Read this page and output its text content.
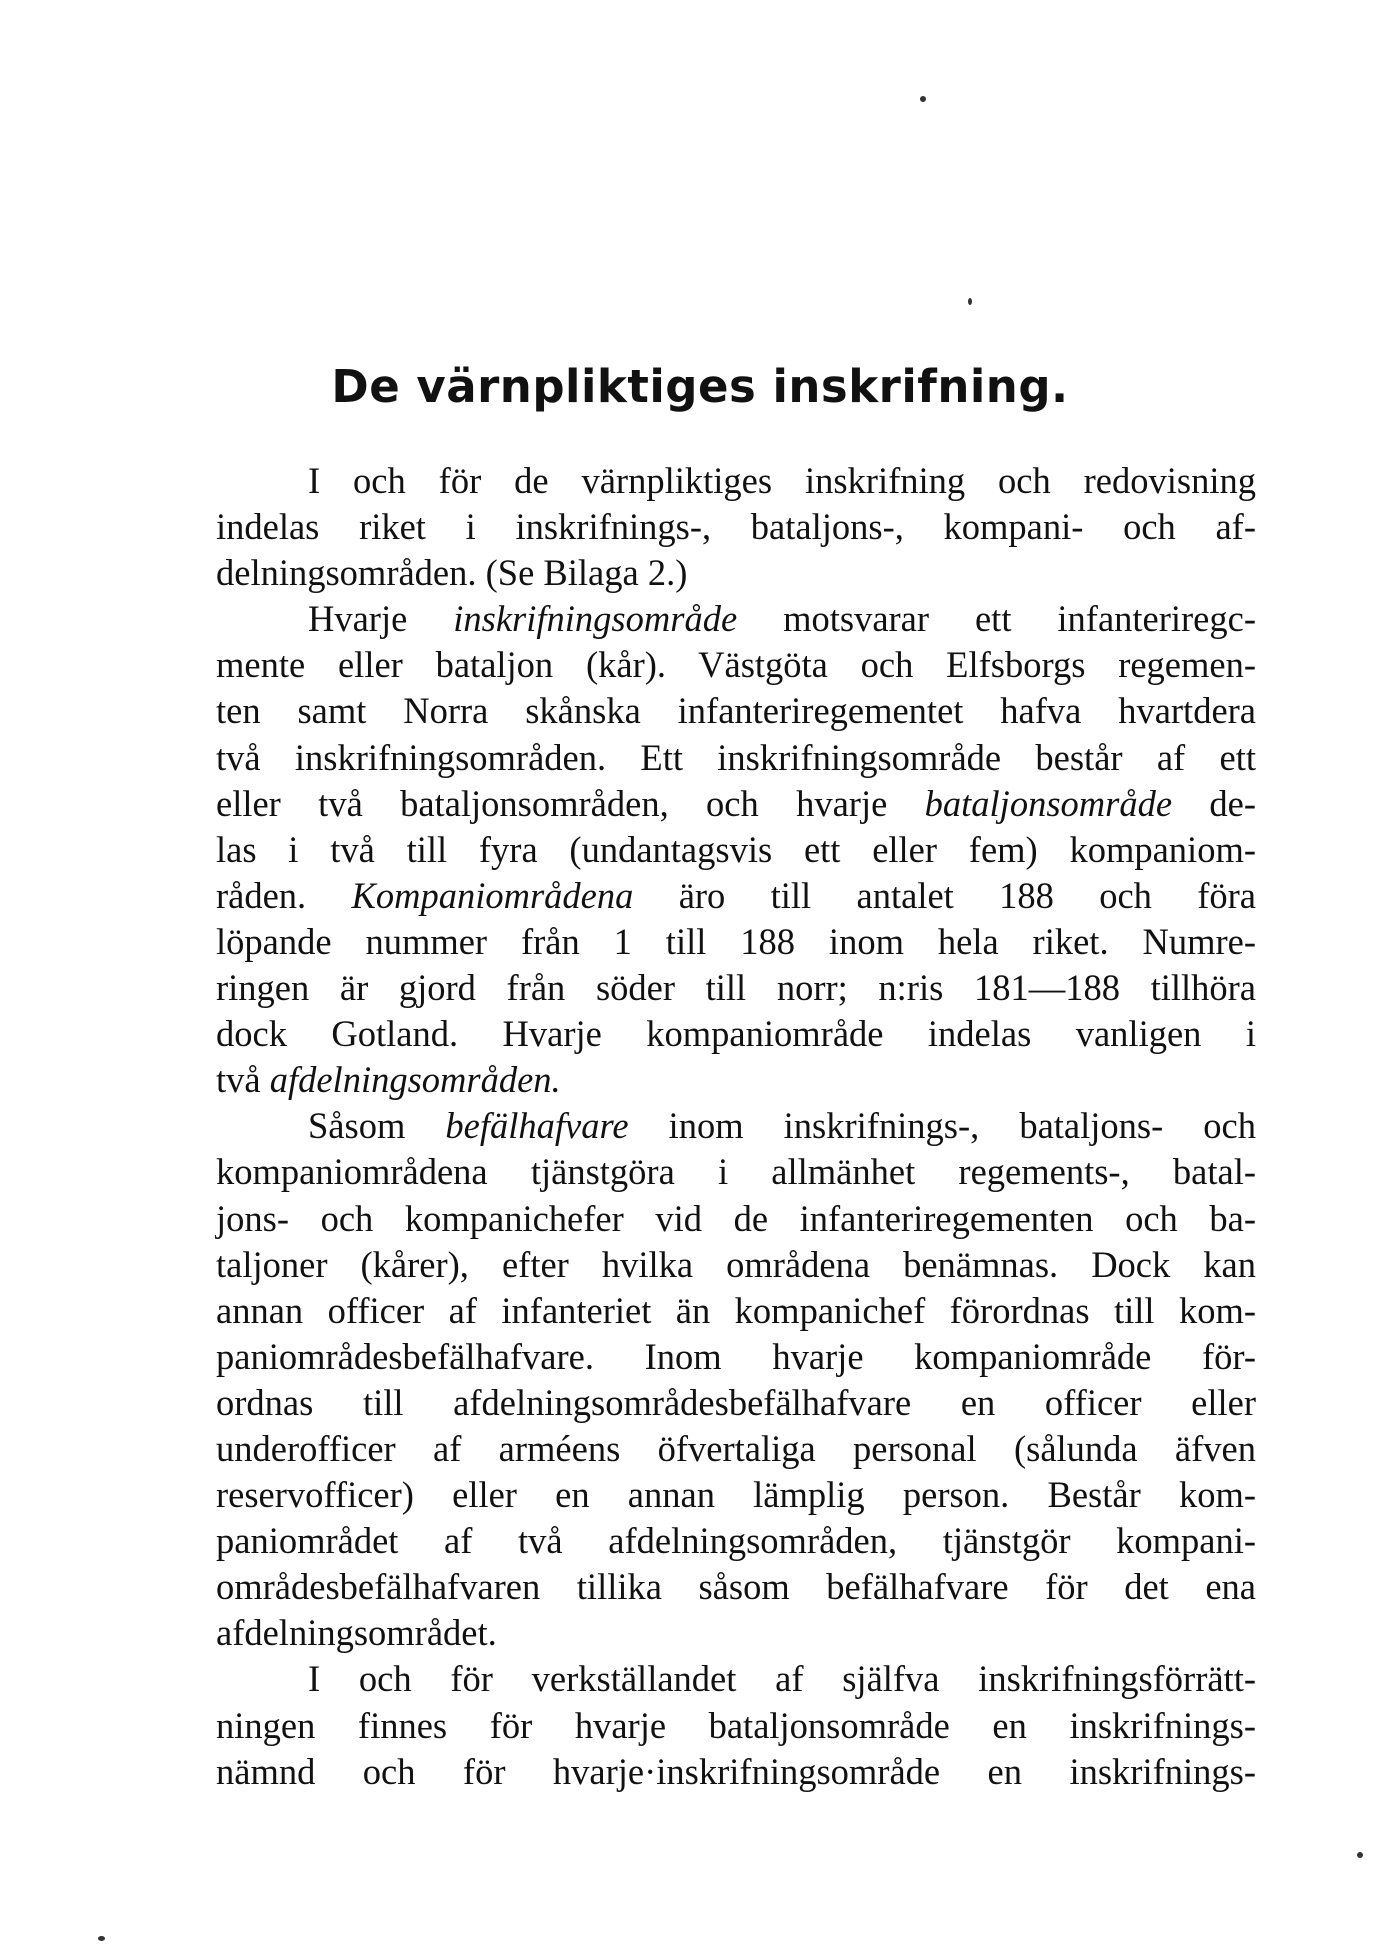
De värnpliktiges inskrifning.
I och för de värnpliktiges inskrifning och redovisning
indelas riket i inskrifnings-, bataljons-, kompani- och af-
delningsområden. (Se Bilaga 2.)
Hvarje inskrifningsområde motsvarar ett infanteriregc-
mente eller bataljon (kår). Västgöta och Elfsborgs regemen-
ten samt Norra skånska infanteriregementet hafva hvartdera
två inskrifningsområden. Ett inskrifningsområde består af ett
eller två bataljonsområden, och hvarje bataljonsområde de-
las i två till fyra (undantagsvis ett eller fem) kompaniom-
råden. Kompaniområdena äro till antalet 188 och föra
löpande nummer från 1 till 188 inom hela riket. Numre-
ringen är gjord från söder till norr; n:ris 181—188 tillhöra
dock Gotland. Hvarje kompaniområde indelas vanligen i
två afdelningsområden.
Såsom befälhafvare inom inskrifnings-, bataljons- och
kompaniområdena tjänstgöra i allmänhet regements-, batal-
jons- och kompanichefer vid de infanteriregementen och ba-
taljoner (kårer), efter hvilka områdena benämnas. Dock kan
annan officer af infanteriet än kompanichef förordnas till kom-
paniområdesbefälhafvare. Inom hvarje kompaniområde för-
ordnas till afdelningsområdesbefälhafvare en officer eller
underofficer af arméens öfvertaliga personal (sålunda äfven
reservofficer) eller en annan lämplig person. Består kom-
paniområdet af två afdelningsområden, tjänstgör kompani-
områdesbefälhafvaren tillika såsom befälhafvare för det ena
afdelningsområdet.
I och för verkställandet af själfva inskrifningsförrätt-
ningen finnes för hvarje bataljonsområde en inskrifnings-
nämnd och för hvarje·inskrifningsområde en inskrifnings-
